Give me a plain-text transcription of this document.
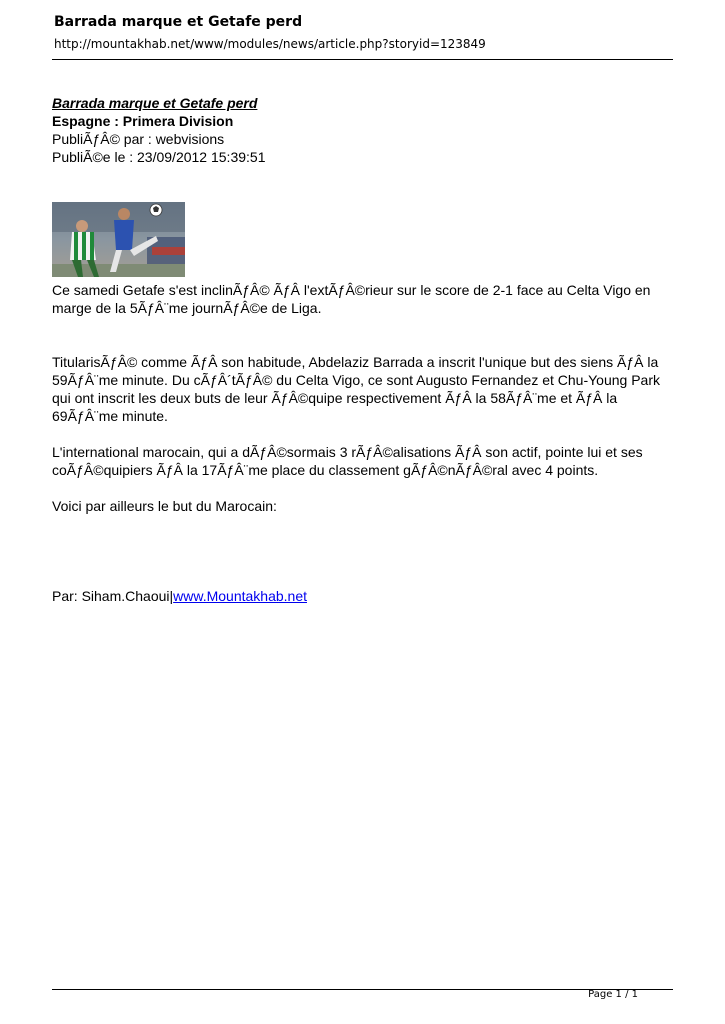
Barrada marque et Getafe perd
http://mountakhab.net/www/modules/news/article.php?storyid=123849
Barrada marque et Getafe perd
Espagne : Primera Division
PubliÃƒÂ© par : webvisions
PubliÃ©e le : 23/09/2012 15:39:51

Ce samedi Getafe s'est inclinÃƒÂ© ÃƒÂ l'extÃƒÂ©rieur sur le score de 2-1 face au Celta Vigo en marge de la 5ÃƒÂ¨me journÃƒÂ©e de Liga.

TitularisÃƒÂ© comme ÃƒÂ son habitude, Abdelaziz Barrada a inscrit l'unique but des siens ÃƒÂ la 59ÃƒÂ¨me minute. Du cÃƒÂ´tÃƒÂ© du Celta Vigo, ce sont Augusto Fernandez et Chu-Young Park qui ont inscrit les deux buts de leur ÃƒÂ©quipe respectivement ÃƒÂ la 58ÃƒÂ¨me et ÃƒÂ la 69ÃƒÂ¨me minute.

L'international marocain, qui a dÃƒÂ©sormais 3 rÃƒÂ©alisations ÃƒÂ son actif, pointe lui et ses coÃƒÂ©quipiers ÃƒÂ la 17ÃƒÂ¨me place du classement gÃƒÂ©nÃƒÂ©ral avec 4 points.

Voici par ailleurs le but du Marocain:

Par: Siham.Chaoui|www.Mountakhab.net

Page 1 / 1
